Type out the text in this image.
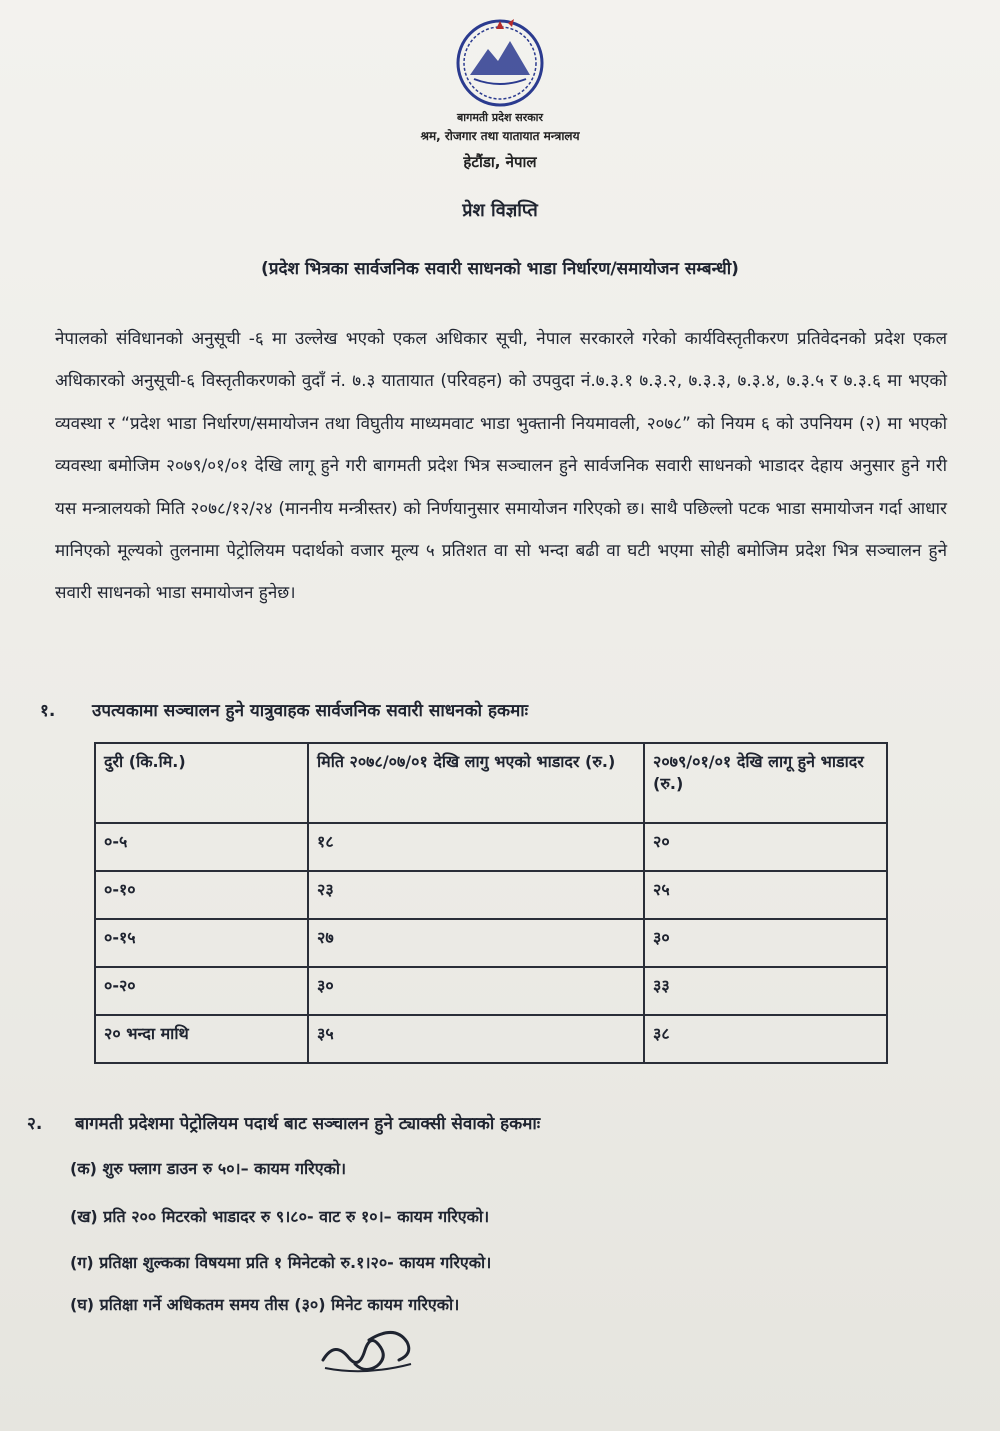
बागमती प्रदेश सरकार
श्रम, रोजगार तथा यातायात मन्त्रालय
हेटौंडा, नेपाल
प्रेश विज्ञप्ति
(प्रदेश भित्रका सार्वजनिक सवारी साधनको भाडा निर्धारण/समायोजन सम्बन्धी)
नेपालको संविधानको अनुसूची -६ मा उल्लेख भएको एकल अधिकार सूची, नेपाल सरकारले गरेको कार्यविस्तृतीकरण प्रतिवेदनको प्रदेश एकल अधिकारको अनुसूची-६ विस्तृतीकरणको वुदाँ नं. ७.३ यातायात (परिवहन) को उपवुदा नं.७.३.१ ७.३.२, ७.३.३, ७.३.४, ७.३.५ र ७.३.६ मा भएको व्यवस्था र “प्रदेश भाडा निर्धारण/समायोजन तथा विघुतीय माध्यमवाट भाडा भुक्तानी नियमावली, २०७८” को नियम ६ को उपनियम (२) मा भएको व्यवस्था बमोजिम २०७९/०१/०१ देखि लागू हुने गरी बागमती प्रदेश भित्र सञ्चालन हुने सार्वजनिक सवारी साधनको भाडादर देहाय अनुसार हुने गरी यस मन्त्रालयको मिति २०७८/१२/२४ (माननीय मन्त्रीस्तर) को निर्णयानुसार समायोजन गरिएको छ। साथै पछिल्लो पटक भाडा समायोजन गर्दा आधार मानिएको मूल्यको तुलनामा पेट्रोलियम पदार्थको वजार मूल्य ५ प्रतिशत वा सो भन्दा बढी वा घटी भएमा सोही बमोजिम प्रदेश भित्र सञ्चालन हुने सवारी साधनको भाडा समायोजन हुनेछ।
१. उपत्यकामा सञ्चालन हुने यात्रुवाहक सार्वजनिक सवारी साधनको हकमाः
दुरी (कि.मि.)	मिति २०७८/०७/०१ देखि लागु भएको भाडादर (रु.)	२०७९/०१/०१ देखि लागू हुने भाडादर (रु.)
०-५	१८	२०
०-१०	२३	२५
०-१५	२७	३०
०-२०	३०	३३
२० भन्दा माथि	३५	३८
२. बागमती प्रदेशमा पेट्रोलियम पदार्थ बाट सञ्चालन हुने ट्याक्सी सेवाको हकमाः
(क) शुरु फ्लाग डाउन रु ५०।– कायम गरिएको।
(ख) प्रति २०० मिटरको भाडादर रु ९।८०- वाट रु १०।– कायम गरिएको।
(ग) प्रतिक्षा शुल्कका विषयमा प्रति १ मिनेटको रु.१।२०- कायम गरिएको।
(घ) प्रतिक्षा गर्ने अधिकतम समय तीस (३०) मिनेट कायम गरिएको।
